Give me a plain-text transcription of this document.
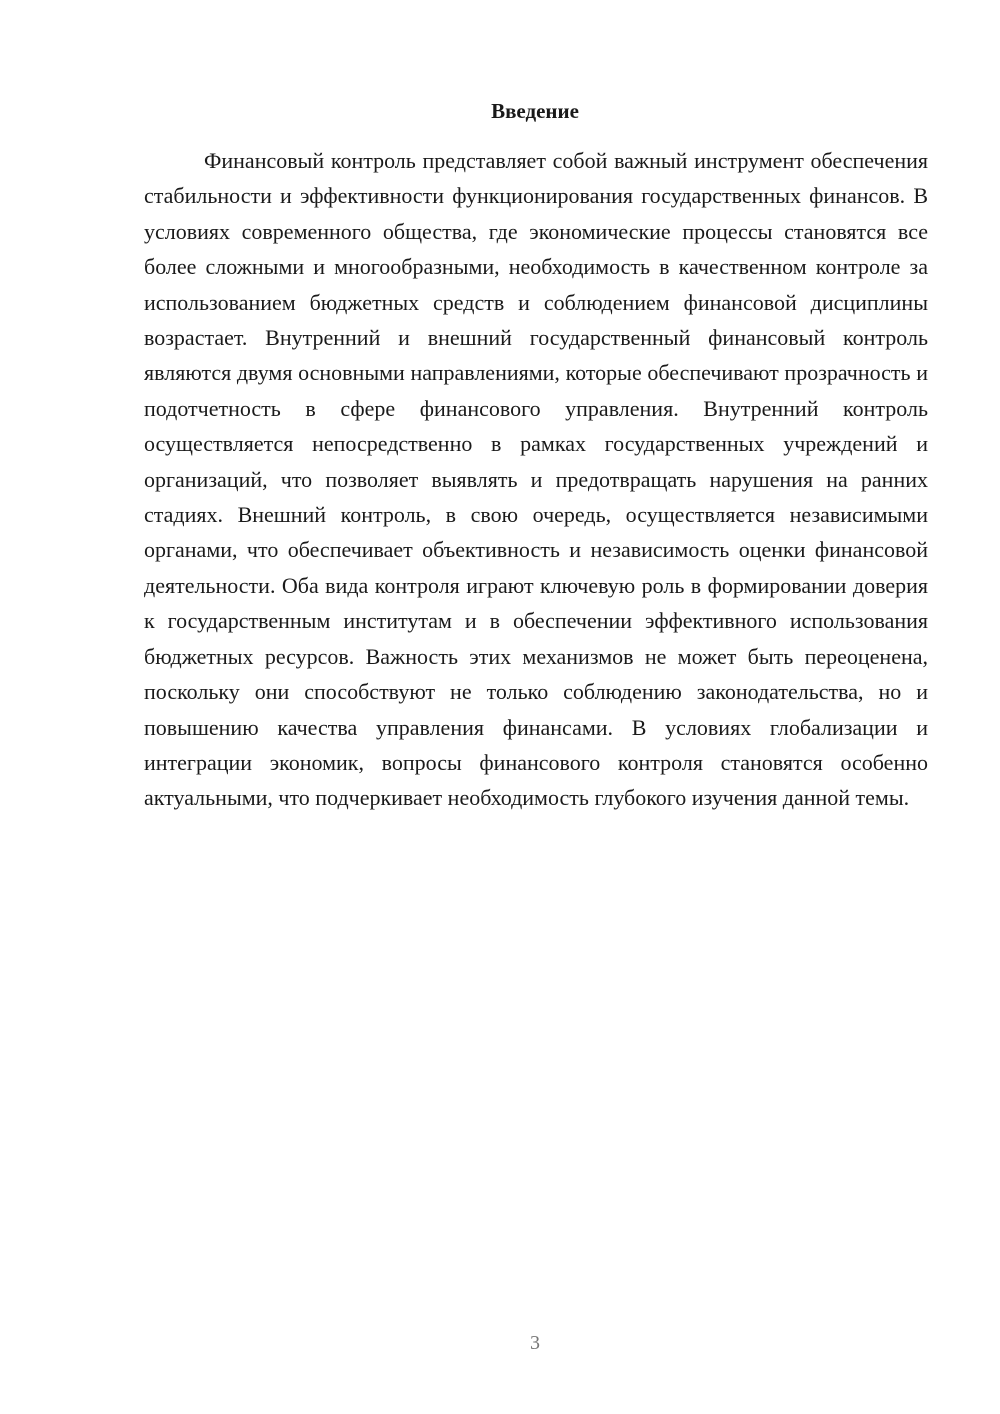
Введение

Финансовый контроль представляет собой важный инструмент обеспечения стабильности и эффективности функционирования государственных финансов. В условиях современного общества, где экономические процессы становятся все более сложными и многообразными, необходимость в качественном контроле за использованием бюджетных средств и соблюдением финансовой дисциплины возрастает. Внутренний и внешний государственный финансовый контроль являются двумя основными направлениями, которые обеспечивают прозрачность и подотчетность в сфере финансового управления. Внутренний контроль осуществляется непосредственно в рамках государственных учреждений и организаций, что позволяет выявлять и предотвращать нарушения на ранних стадиях. Внешний контроль, в свою очередь, осуществляется независимыми органами, что обеспечивает объективность и независимость оценки финансовой деятельности. Оба вида контроля играют ключевую роль в формировании доверия к государственным институтам и в обеспечении эффективного использования бюджетных ресурсов. Важность этих механизмов не может быть переоценена, поскольку они способствуют не только соблюдению законодательства, но и повышению качества управления финансами. В условиях глобализации и интеграции экономик, вопросы финансового контроля становятся особенно актуальными, что подчеркивает необходимость глубокого изучения данной темы.

3
